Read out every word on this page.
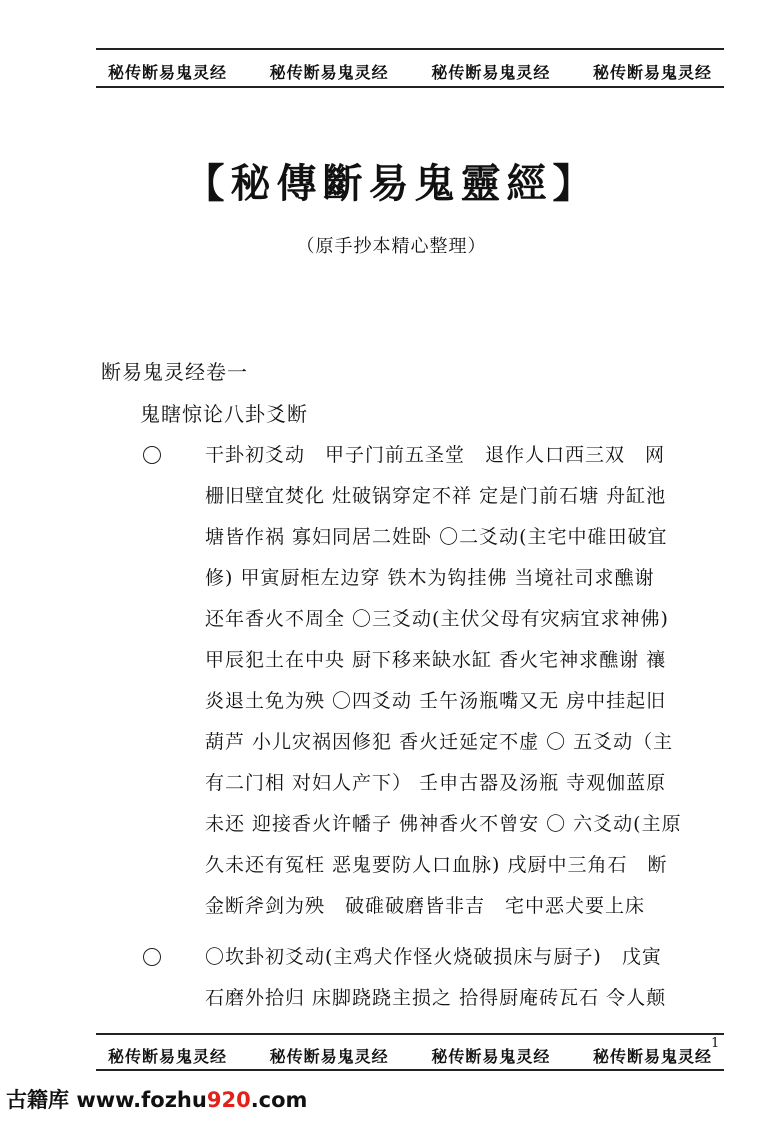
秘传断易鬼灵经	秘传断易鬼灵经	秘传断易鬼灵经	秘传断易鬼灵经
【秘傳斷易鬼靈經】
（原手抄本精心整理）
断易鬼灵经卷一
鬼瞎惊论八卦爻断
干卦初爻动　甲子门前五圣堂　退作人口西三双　网
栅旧壁宜焚化 灶破锅穿定不祥 定是门前石塘 舟缸池
塘皆作祸 寡妇同居二姓卧 〇二爻动(主宅中碓田破宜
修) 甲寅厨柜左边穿 铁木为钩挂佛 当境社司求醮谢
还年香火不周全 〇三爻动(主伏父母有灾病宜求神佛)
甲辰犯土在中央 厨下移来缺水缸 香火宅神求醮谢 禳
炎退土免为殃 〇四爻动 壬午汤瓶嘴又无 房中挂起旧
葫芦 小儿灾祸因修犯 香火迁延定不虚 〇 五爻动（主
有二门相 对妇人产下） 壬申古器及汤瓶 寺观伽蓝原
未还 迎接香火许幡子 佛神香火不曾安 〇 六爻动(主原
久未还有冤枉 恶鬼要防人口血脉) 戌厨中三角石　断
金断斧剑为殃　破碓破磨皆非吉　宅中恶犬要上床
〇坎卦初爻动(主鸡犬作怪火烧破损床与厨子)　戊寅
石磨外拾归 床脚跷跷主损之 拾得厨庵砖瓦石 令人颠
秘传断易鬼灵经	秘传断易鬼灵经	秘传断易鬼灵经	秘传断易鬼灵经
1
古籍库 www.fozhu920.com
